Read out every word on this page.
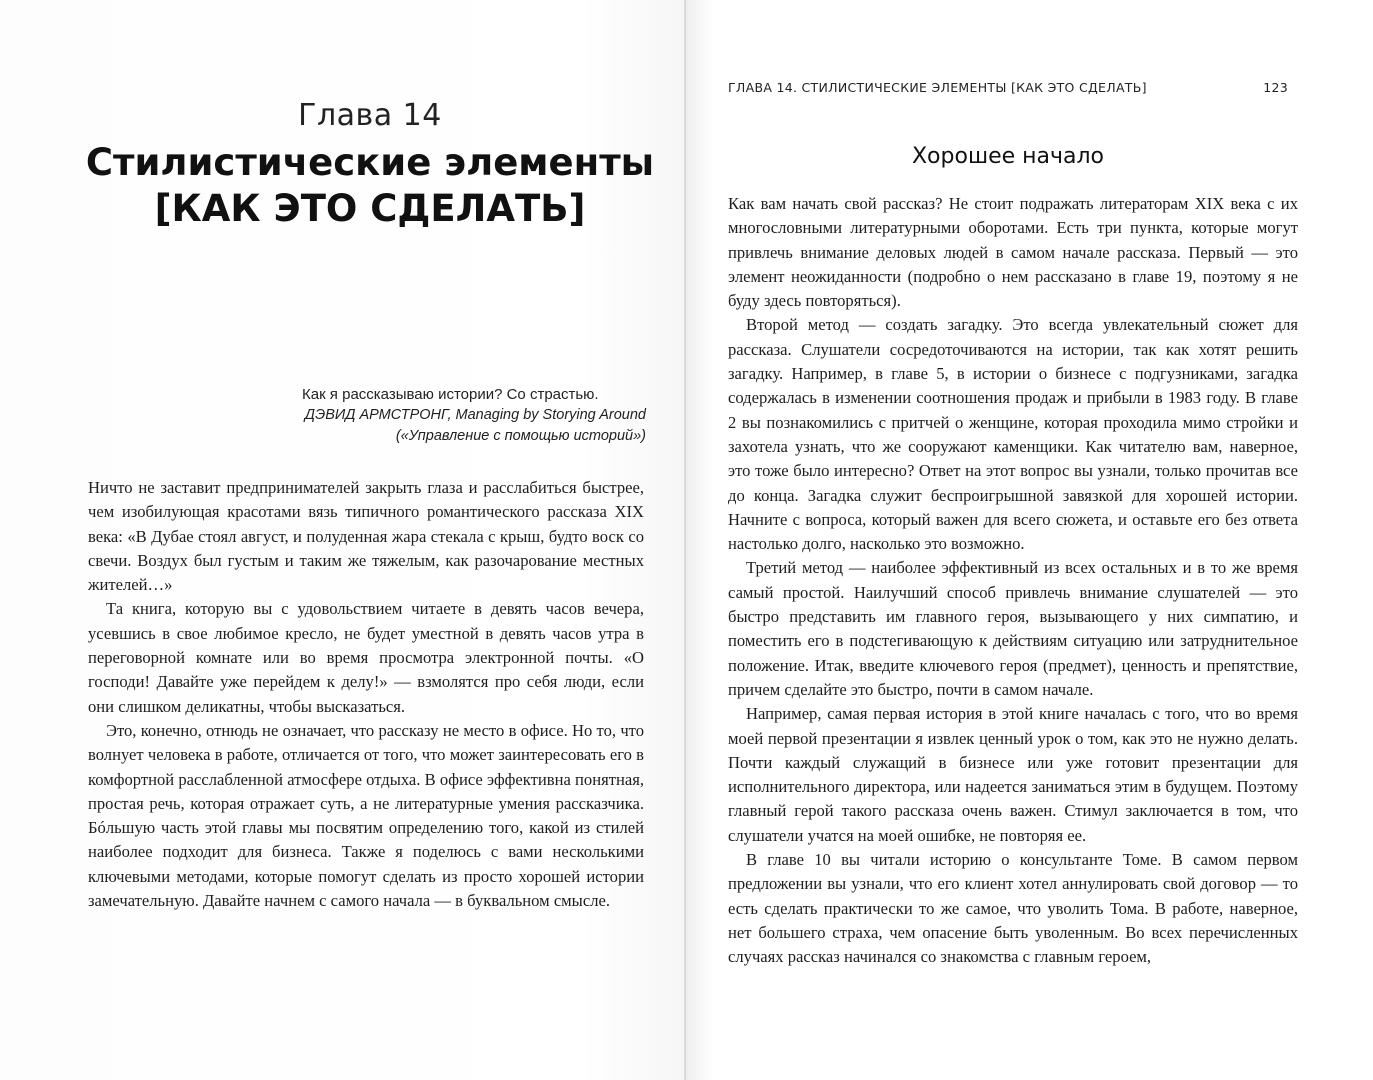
Глава 14
Стилистические элементы
[КАК ЭТО СДЕЛАТЬ]
Как я рассказываю истории? Со страстью.
ДЭВИД АРМСТРОНГ, Managing by Storying Around
(«Управление с помощью историй»)

Ничто не заставит предпринимателей закрыть глаза и расслабиться быстрее, чем изобилующая красотами вязь типичного романтического рассказа XIX века: «В Дубае стоял август, и полуденная жара стекала с крыш, будто воск со свечи. Воздух был густым и таким же тяжелым, как разочарование местных жителей…»

Та книга, которую вы с удовольствием читаете в девять часов вечера, усевшись в свое любимое кресло, не будет уместной в девять часов утра в переговорной комнате или во время просмотра электронной почты. «О господи! Давайте уже перейдем к делу!» — взмолятся про себя люди, если они слишком деликатны, чтобы высказаться.

Это, конечно, отнюдь не означает, что рассказу не место в офисе. Но то, что волнует человека в работе, отличается от того, что может заинтересовать его в комфортной расслабленной атмосфере отдыха. В офисе эффективна понятная, простая речь, которая отражает суть, а не литературные умения рассказчика. Бóльшую часть этой главы мы посвятим определению того, какой из стилей наиболее подходит для бизнеса. Также я поделюсь с вами несколькими ключевыми методами, которые помогут сделать из просто хорошей истории замечательную. Давайте начнем с самого начала — в буквальном смысле.

ГЛАВА 14. СТИЛИСТИЧЕСКИЕ ЭЛЕМЕНТЫ [КАК ЭТО СДЕЛАТЬ]	123
Хорошее начало

Как вам начать свой рассказ? Не стоит подражать литераторам XIX века с их многословными литературными оборотами. Есть три пункта, которые могут привлечь внимание деловых людей в самом начале рассказа. Первый — это элемент неожиданности (подробно о нем рассказано в главе 19, поэтому я не буду здесь повторяться).

Второй метод — создать загадку. Это всегда увлекательный сюжет для рассказа. Слушатели сосредоточиваются на истории, так как хотят решить загадку. Например, в главе 5, в истории о бизнесе с подгузниками, загадка содержалась в изменении соотношения продаж и прибыли в 1983 году. В главе 2 вы познакомились с притчей о женщине, которая проходила мимо стройки и захотела узнать, что же сооружают каменщики. Как читателю вам, наверное, это тоже было интересно? Ответ на этот вопрос вы узнали, только прочитав все до конца. Загадка служит беспроигрышной завязкой для хорошей истории. Начните с вопроса, который важен для всего сюжета, и оставьте его без ответа настолько долго, насколько это возможно.

Третий метод — наиболее эффективный из всех остальных и в то же время самый простой. Наилучший способ привлечь внимание слушателей — это быстро представить им главного героя, вызывающего у них симпатию, и поместить его в подстегивающую к действиям ситуацию или затруднительное положение. Итак, введите ключевого героя (предмет), ценность и препятствие, причем сделайте это быстро, почти в самом начале.

Например, самая первая история в этой книге началась с того, что во время моей первой презентации я извлек ценный урок о том, как это не нужно делать. Почти каждый служащий в бизнесе или уже готовит презентации для исполнительного директора, или надеется заниматься этим в будущем. Поэтому главный герой такого рассказа очень важен. Стимул заключается в том, что слушатели учатся на моей ошибке, не повторяя ее.

В главе 10 вы читали историю о консультанте Томе. В самом первом предложении вы узнали, что его клиент хотел аннулировать свой договор — то есть сделать практически то же самое, что уволить Тома. В работе, наверное, нет большего страха, чем опасение быть уволенным. Во всех перечисленных случаях рассказ начинался со знакомства с главным героем,
